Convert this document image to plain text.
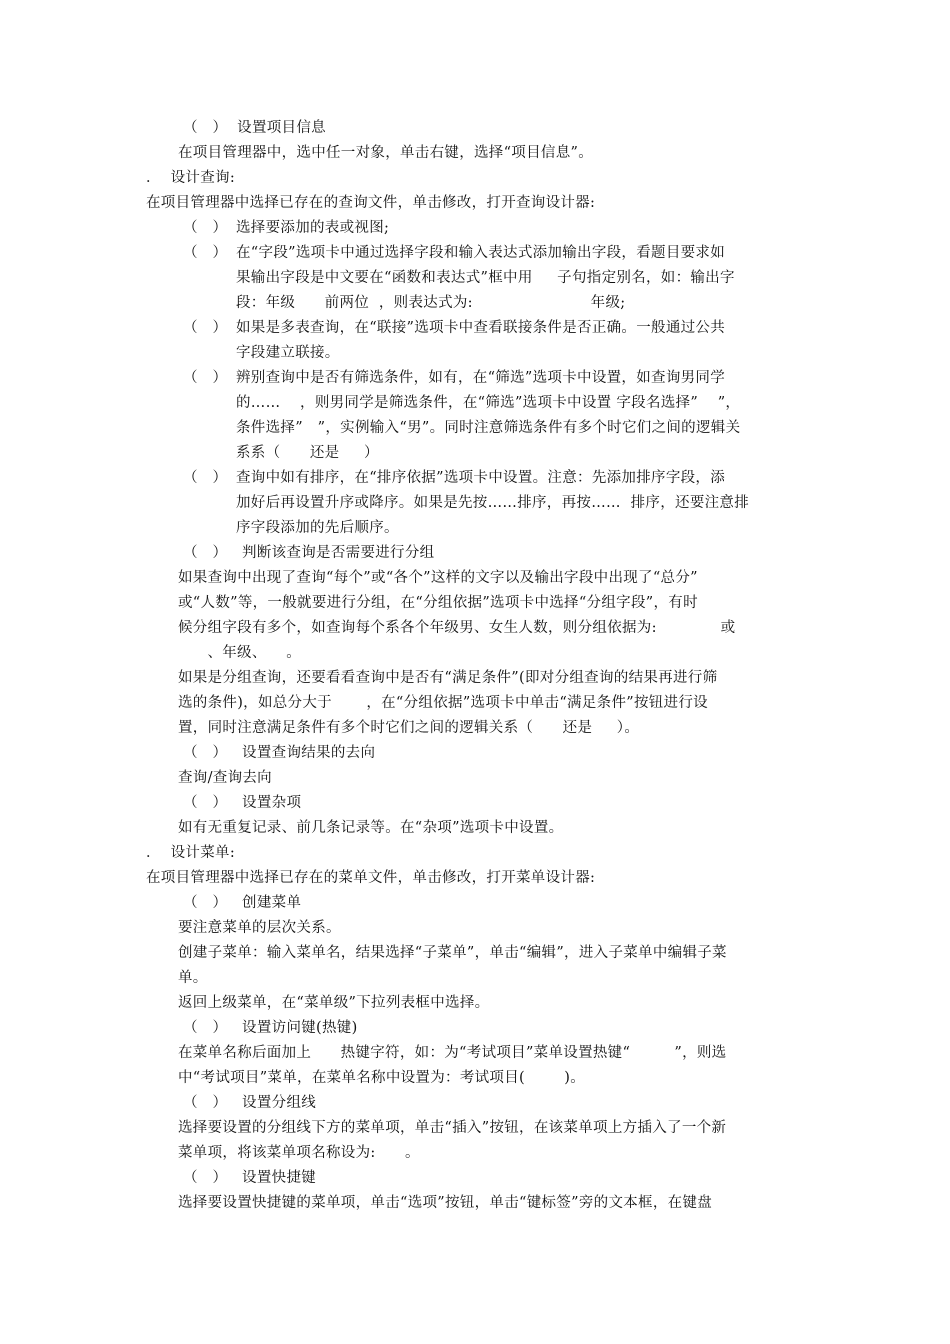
（   ）  设置项目信息
在项目管理器中，选中任一对象，单击右键，选择“项目信息”。
．  设计查询:
在项目管理器中选择已存在的查询文件，单击修改，打开查询设计器:
（   ） 选择要添加的表或视图;
（   ） 在“字段”选项卡中通过选择字段和输入表达式添加输出字段，看题目要求如
果输出字段是中文要在“函数和表达式”框中用     子句指定别名，如：输出字
段：年级      前两位  ，则表达式为:                        年级;
（   ） 如果是多表查询，在“联接”选项卡中查看联接条件是否正确。一般通过公共
字段建立联接。
（   ） 辨别查询中是否有筛选条件，如有，在“筛选”选项卡中设置，如查询男同学
的……    ，则男同学是筛选条件，在“筛选”选项卡中设置 字段名选择”    ”，
条件选择”   ”，实例输入“男”。同时注意筛选条件有多个时它们之间的逻辑关
系系（      还是     ）
（   ） 查询中如有排序，在“排序依据”选项卡中设置。注意：先添加排序字段，添
加好后再设置升序或降序。如果是先按……排序，再按……  排序，还要注意排
序字段添加的先后顺序。
（   ）   判断该查询是否需要进行分组
如果查询中出现了查询“每个”或“各个”这样的文字以及输出字段中出现了“总分”
或“人数”等，一般就要进行分组，在“分组依据”选项卡中选择“分组字段”，有时
候分组字段有多个，如查询每个系各个年级男、女生人数，则分组依据为:             或
、年级、    。
如果是分组查询，还要看看查询中是否有“满足条件”(即对分组查询的结果再进行筛
选的条件)，如总分大于       ，在“分组依据”选项卡中单击“满足条件”按钮进行设
置，同时注意满足条件有多个时它们之间的逻辑关系（      还是     ）。
（   ）   设置查询结果的去向
查询/查询去向
（   ）   设置杂项
如有无重复记录、前几条记录等。在“杂项”选项卡中设置。
．  设计菜单:
在项目管理器中选择已存在的菜单文件，单击修改，打开菜单设计器:
（   ）   创建菜单
要注意菜单的层次关系。
创建子菜单：输入菜单名，结果选择“子菜单”，单击“编辑”，进入子菜单中编辑子菜
单。
返回上级菜单，在“菜单级”下拉列表框中选择。
（   ）   设置访问键(热键)
在菜单名称后面加上      热键字符，如：为“考试项目”菜单设置热键“         ”，则选
中“考试项目”菜单，在菜单名称中设置为：考试项目(        )。
（   ）   设置分组线
选择要设置的分组线下方的菜单项，单击“插入”按钮，在该菜单项上方插入了一个新
菜单项，将该菜单项名称设为:      。
（   ）   设置快捷键
选择要设置快捷键的菜单项，单击“选项”按钮，单击“键标签”旁的文本框，在键盘
